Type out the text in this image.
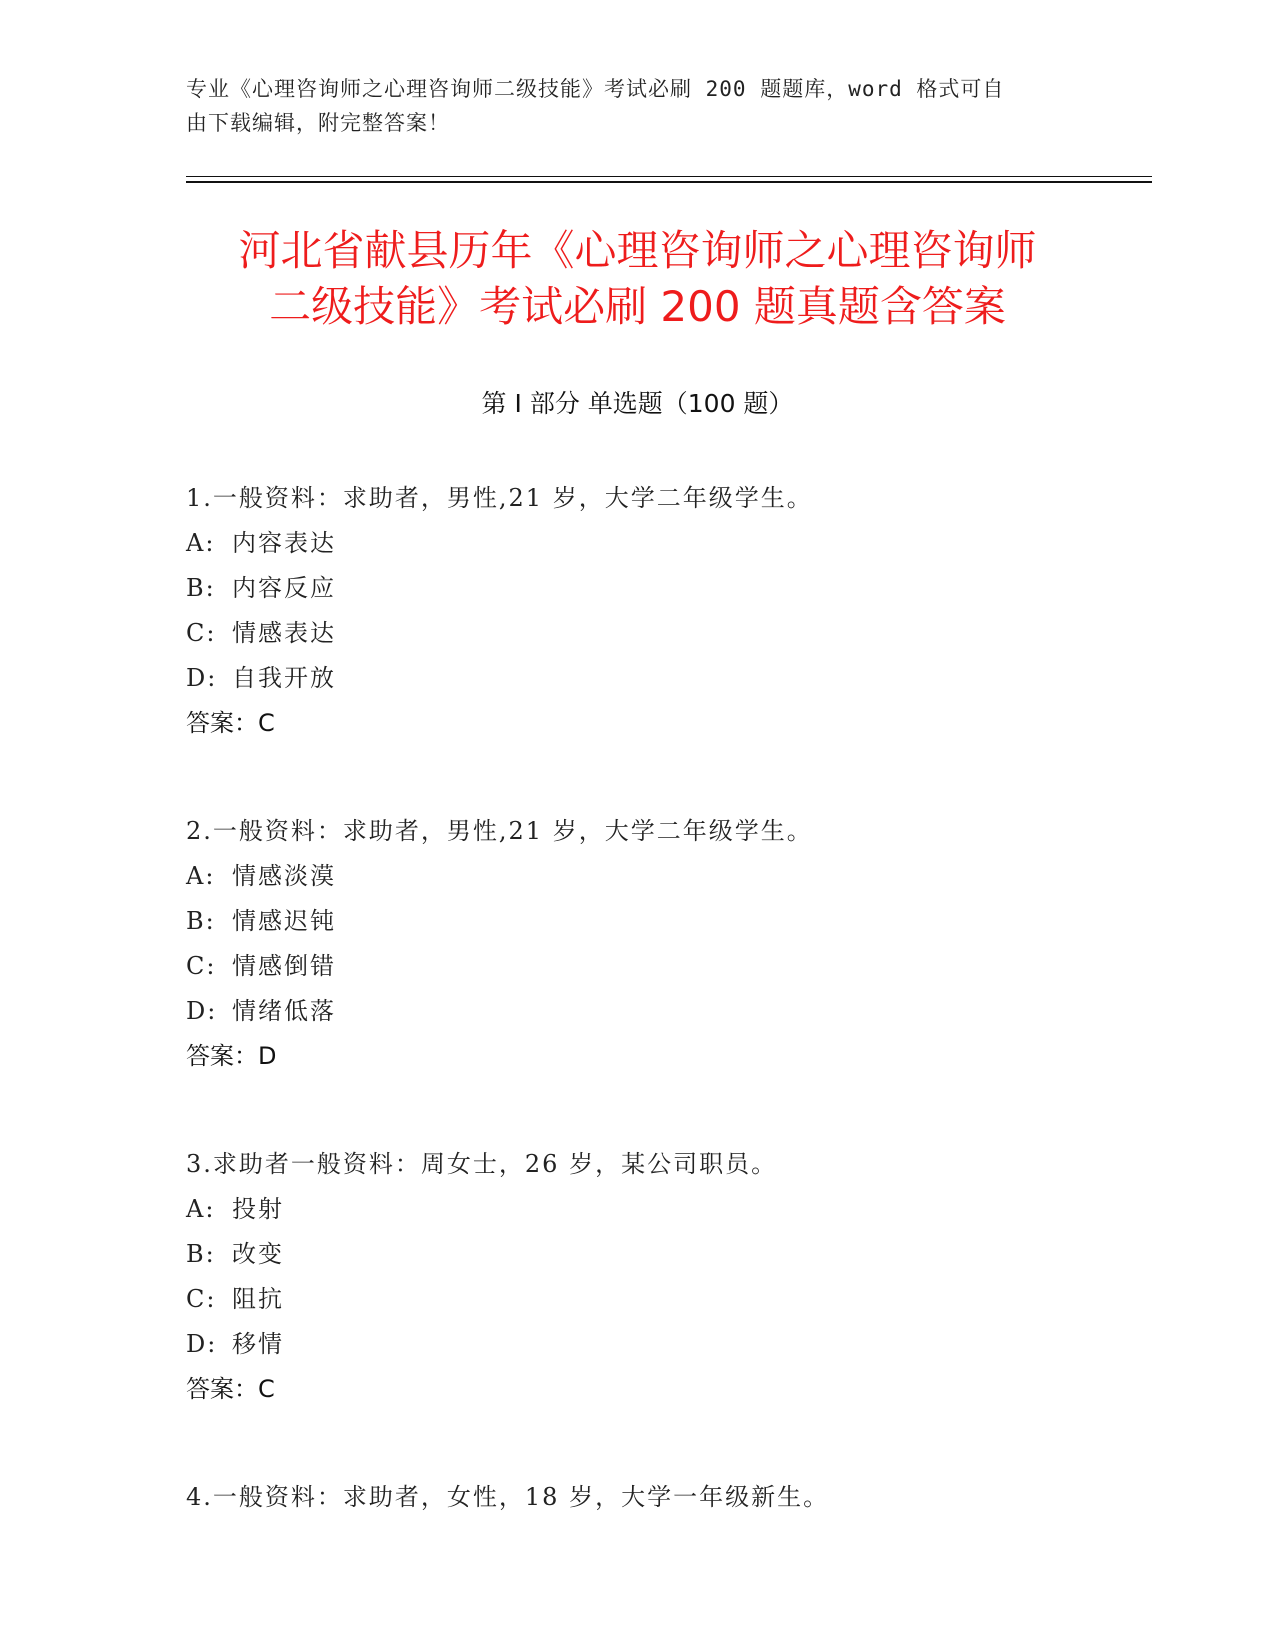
专业《心理咨询师之心理咨询师二级技能》考试必刷 200 题题库，word 格式可自
由下载编辑，附完整答案！
河北省献县历年《心理咨询师之心理咨询师
二级技能》考试必刷 200 题真题含答案
第 I 部分 单选题（100 题）
1.一般资料：求助者，男性,21 岁，大学二年级学生。
A: 内容表达
B: 内容反应
C: 情感表达
D: 自我开放
答案：C
2.一般资料：求助者，男性,21 岁，大学二年级学生。
A: 情感淡漠
B: 情感迟钝
C: 情感倒错
D: 情绪低落
答案：D
3.求助者一般资料：周女士，26 岁，某公司职员。
A: 投射
B: 改变
C: 阻抗
D: 移情
答案：C
4.一般资料：求助者，女性，18 岁，大学一年级新生。
